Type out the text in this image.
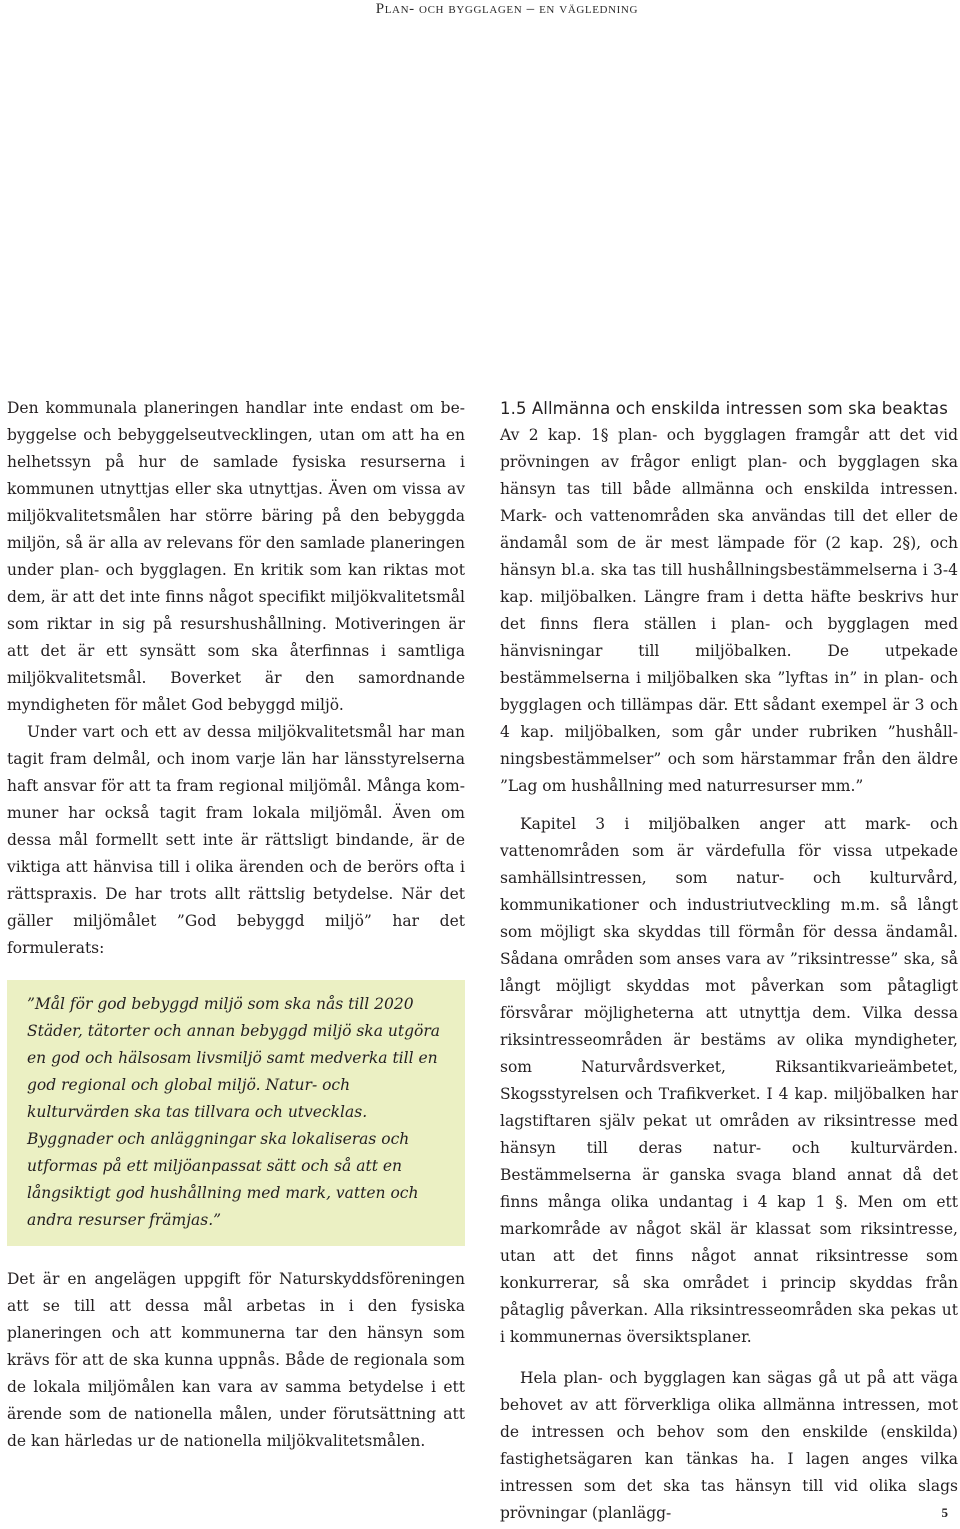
Plan- och bygglagen – en vägledning

Den kommunala planeringen handlar inte endast om bebyggelse och bebyggelseutvecklingen, utan om att ha en helhetssyn på hur de samlade fysiska resurserna i kommunen utnyttjas eller ska utnyttjas. Även om vissa av miljökvalitetsmålen har större bäring på den bebyggda miljön, så är alla av relevans för den samlade planeringen under plan- och bygglagen. En kritik som kan riktas mot dem, är att det inte finns något specifikt miljökvalitetsmål som riktar in sig på resurshushållning. Motiveringen är att det är ett synsätt som ska återfinnas i samtliga miljökvalitetsmål. Boverket är den samordnande myndigheten för målet God bebyggd miljö.

Under vart och ett av dessa miljökvalitetsmål har man tagit fram delmål, och inom varje län har länsstyrelserna haft ansvar för att ta fram regional miljömål. Många kommuner har också tagit fram lokala miljömål. Även om dessa mål formellt sett inte är rättsligt bindande, är de viktiga att hänvisa till i olika ärenden och de berörs ofta i rättspraxis. De har trots allt rättslig betydelse. När det gäller miljömålet ”God bebyggd miljö” har det formulerats:

”Mål för god bebyggd miljö som ska nås till 2020 Städer, tätorter och annan bebyggd miljö ska utgöra en god och hälsosam livsmiljö samt medverka till en god regional och global miljö. Natur- och kulturvärden ska tas tillvara och utvecklas. Byggnader och anläggningar ska lokaliseras och utformas på ett miljöanpassat sätt och så att en långsiktigt god hushållning med mark, vatten och andra resurser främjas.”

Det är en angelägen uppgift för Naturskyddsföreningen att se till att dessa mål arbetas in i den fysiska planeringen och att kommunerna tar den hänsyn som krävs för att de ska kunna uppnås. Både de regionala som de lokala miljömålen kan vara av samma betydelse i ett ärende som de nationella målen, under förutsättning att de kan härledas ur de nationella miljökvalitetsmålen.

1.5 Allmänna och enskilda intressen som ska beaktas

Av 2 kap. 1§ plan- och bygglagen framgår att det vid prövningen av frågor enligt plan- och bygglagen ska hänsyn tas till både allmänna och enskilda intressen. Mark- och vattenområden ska användas till det eller de ändamål som de är mest lämpade för (2 kap. 2§), och hänsyn bl.a. ska tas till hushållningsbestämmelserna i 3-4 kap. miljöbalken. Längre fram i detta häfte beskrivs hur det finns flera ställen i plan- och bygglagen med hänvisningar till miljöbalken. De utpekade bestämmelserna i miljöbalken ska ”lyftas in” in plan- och bygglagen och tillämpas där. Ett sådant exempel är 3 och 4 kap. miljöbalken, som går under rubriken ”hushållningsbestämmelser” och som härstammar från den äldre ”Lag om hushållning med naturresurser mm.”

Kapitel 3 i miljöbalken anger att mark- och vattenområden som är värdefulla för vissa utpekade samhällsintressen, som natur- och kulturvård, kommunikationer och industriutveckling m.m. så långt som möjligt ska skyddas till förmån för dessa ändamål. Sådana områden som anses vara av ”riksintresse” ska, så långt möjligt skyddas mot påverkan som påtagligt försvårar möjligheterna att utnyttja dem. Vilka dessa riksintresseområden är bestäms av olika myndigheter, som Naturvårdsverket, Riksantikvarieämbetet, Skogsstyrelsen och Trafikverket. I 4 kap. miljöbalken har lagstiftaren själv pekat ut områden av riksintresse med hänsyn till deras natur- och kulturvärden. Bestämmelserna är ganska svaga bland annat då det finns många olika undantag i 4 kap 1 §. Men om ett markområde av något skäl är klassat som riksintresse, utan att det finns något annat riksintresse som konkurrerar, så ska området i princip skyddas från påtaglig påverkan. Alla riksintresseområden ska pekas ut i kommunernas översiktsplaner.

Hela plan- och bygglagen kan sägas gå ut på att väga behovet av att förverkliga olika allmänna intressen, mot de intressen och behov som den enskilde (enskilda) fastighetsägaren kan tänkas ha. I lagen anges vilka intressen som det ska tas hänsyn till vid olika slags prövningar (planlägg-	5
